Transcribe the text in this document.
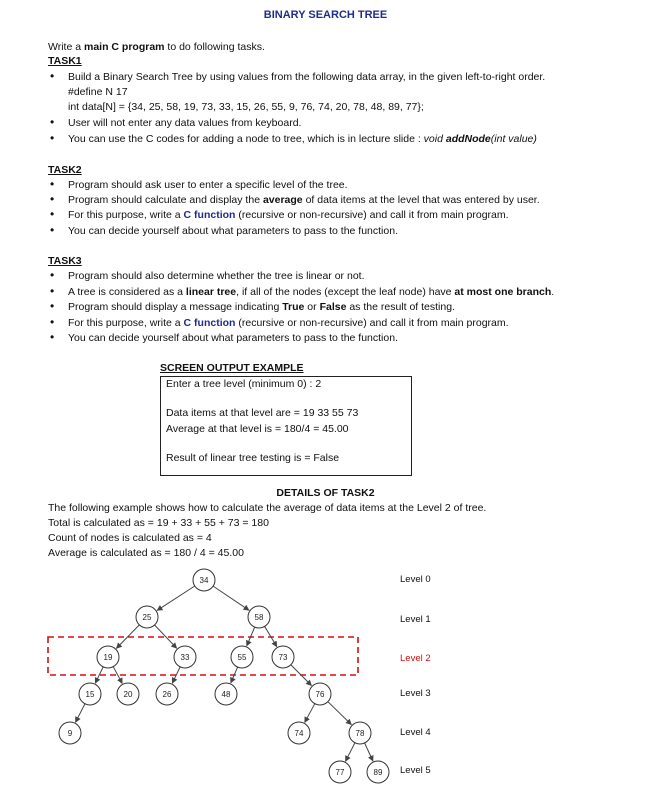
BINARY SEARCH TREE
Write a main C program to do following tasks.
TASK1
• Build a Binary Search Tree by using values from the following data array, in the given left-to-right order.
#define N 17
int data[N] = {34, 25, 58, 19, 73, 33, 15, 26, 55, 9, 76, 74, 20, 78, 48, 89, 77};
• User will not enter any data values from keyboard.
• You can use the C codes for adding a node to tree, which is in lecture slide : void addNode(int value)
TASK2
• Program should ask user to enter a specific level of the tree.
• Program should calculate and display the average of data items at the level that was entered by user.
• For this purpose, write a C function (recursive or non-recursive) and call it from main program.
• You can decide yourself about what parameters to pass to the function.
TASK3
• Program should also determine whether the tree is linear or not.
• A tree is considered as a linear tree, if all of the nodes (except the leaf node) have at most one branch.
• Program should display a message indicating True or False as the result of testing.
• For this purpose, write a C function (recursive or non-recursive) and call it from main program.
• You can decide yourself about what parameters to pass to the function.
SCREEN OUTPUT EXAMPLE
Enter a tree level (minimum 0) : 2
Data items at that level are = 19 33 55 73
Average at that level is = 180/4 = 45.00
Result of linear tree testing is = False
DETAILS OF TASK2
The following example shows how to calculate the average of data items at the Level 2 of tree.
Total is calculated as = 19 + 33 + 55 + 73 = 180
Count of nodes is calculated as = 4
Average is calculated as = 180 / 4 = 45.00
34
25	58
19	33	55	73
15	20	26	48	76
9	74	78
77	89
Level 0
Level 1
Level 2
Level 3
Level 4
Level 5
